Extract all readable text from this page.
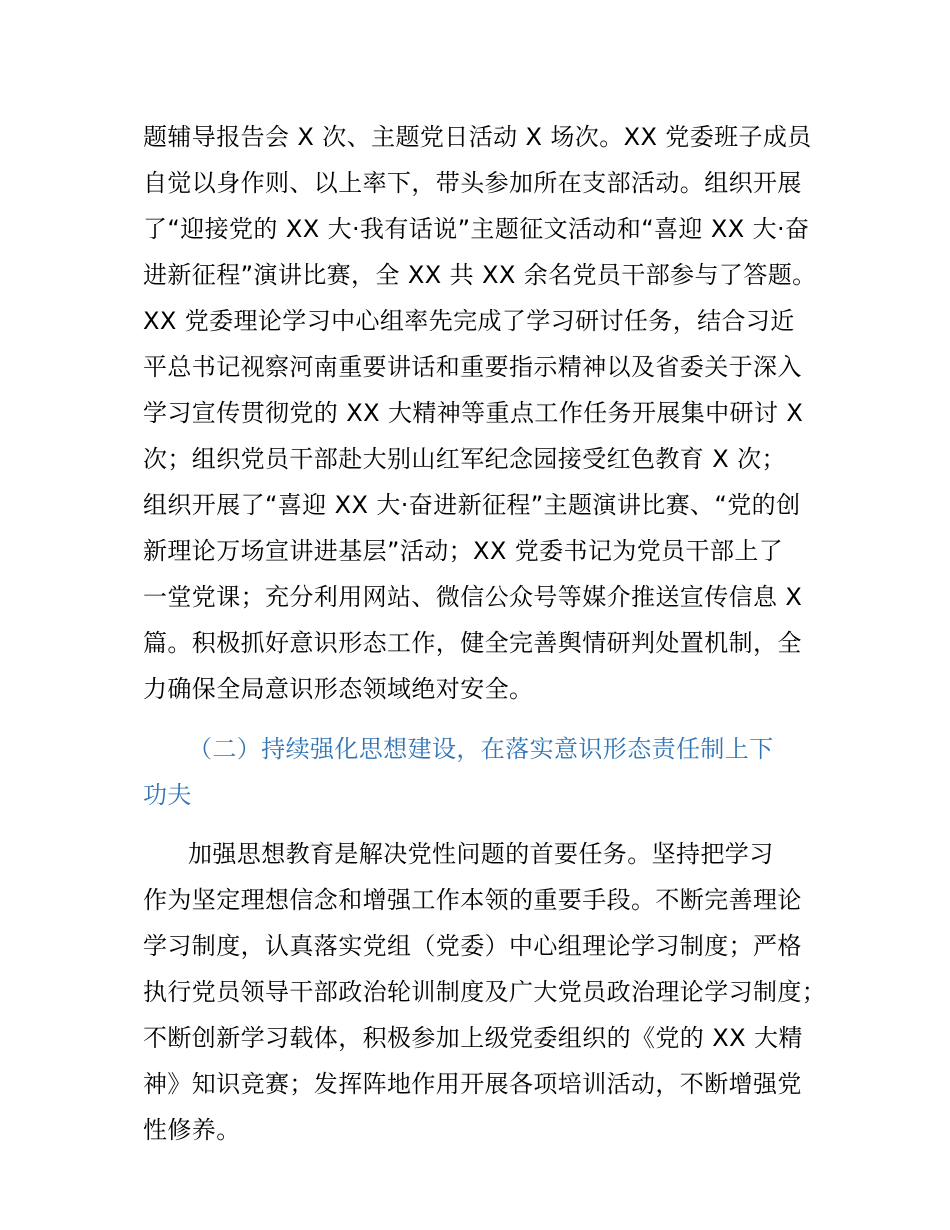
题辅导报告会 X 次、主题党日活动 X 场次。XX 党委班子成员
自觉以身作则、以上率下，带头参加所在支部活动。组织开展
了“迎接党的 XX 大·我有话说”主题征文活动和“喜迎 XX 大·奋
进新征程”演讲比赛，全 XX 共 XX 余名党员干部参与了答题。
XX 党委理论学习中心组率先完成了学习研讨任务，结合习近
平总书记视察河南重要讲话和重要指示精神以及省委关于深入
学习宣传贯彻党的 XX 大精神等重点工作任务开展集中研讨 X
次；组织党员干部赴大别山红军纪念园接受红色教育 X 次；
组织开展了“喜迎 XX 大·奋进新征程”主题演讲比赛、“党的创
新理论万场宣讲进基层”活动；XX 党委书记为党员干部上了
一堂党课；充分利用网站、微信公众号等媒介推送宣传信息 X
篇。积极抓好意识形态工作，健全完善舆情研判处置机制，全
力确保全局意识形态领域绝对安全。
（二）持续强化思想建设，在落实意识形态责任制上下
功夫
加强思想教育是解决党性问题的首要任务。坚持把学习
作为坚定理想信念和增强工作本领的重要手段。不断完善理论
学习制度，认真落实党组（党委）中心组理论学习制度；严格
执行党员领导干部政治轮训制度及广大党员政治理论学习制度；
不断创新学习载体，积极参加上级党委组织的《党的 XX 大精
神》知识竞赛；发挥阵地作用开展各项培训活动，不断增强党
性修养。
